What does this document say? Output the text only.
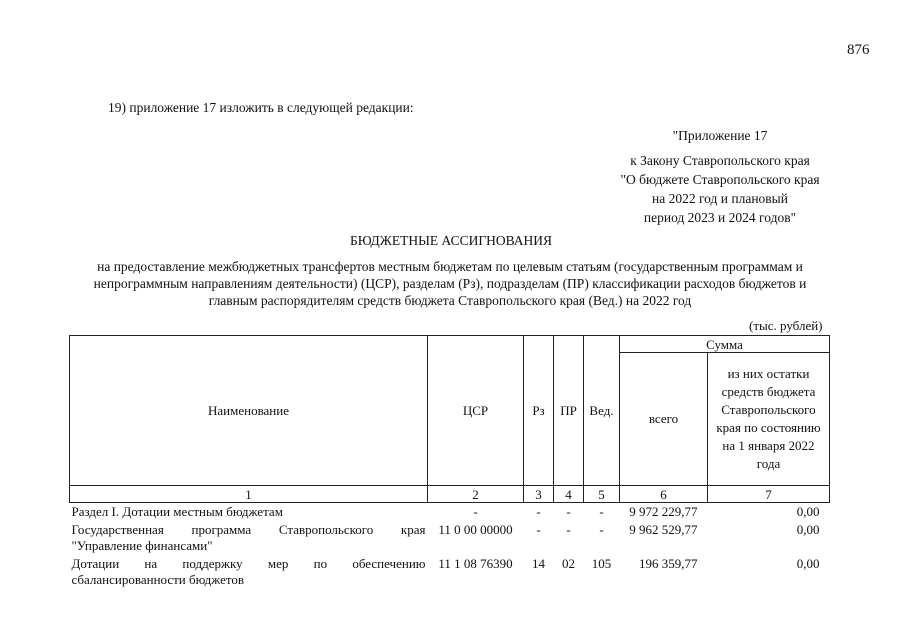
876
19) приложение 17 изложить в следующей редакции:
"Приложение 17
к Закону Ставропольского края
"О бюджете Ставропольского края
на 2022 год и плановый
период 2023 и 2024 годов"
БЮДЖЕТНЫЕ АССИГНОВАНИЯ
на предоставление межбюджетных трансфертов местным бюджетам по целевым статьям (государственным программам и непрограммным направлениям деятельности) (ЦСР), разделам (Рз), подразделам (ПР) классификации расходов бюджетов и главным распорядителям средств бюджета Ставропольского края (Вед.) на 2022 год
(тыс. рублей)
Наименование	ЦСР	Рз	ПР	Вед.	Сумма	
					всего	из них остатки средств бюджета Ставропольского края по состоянию на 1 января 2022 года
1	2	3	4	5	6	7
Раздел I. Дотации местным бюджетам	-	-	-	-	9 972 229,77	0,00
Государственная программа Ставропольского края "Управление финансами"	11 0 00 00000	-	-	-	9 962 529,77	0,00
Дотации на поддержку мер по обеспечению сбалансированности бюджетов	11 1 08 76390	14	02	105	196 359,77	0,00
